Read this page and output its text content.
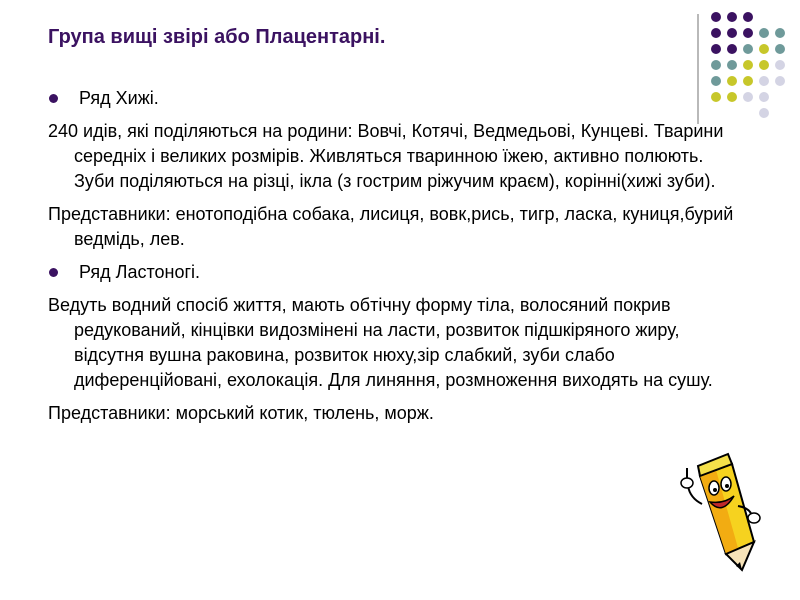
Група вищі звірі або Плацентарні.
Ряд Хижі.
240 идів, які поділяються на родини: Вовчі, Котячі, Ведмедьові, Кунцеві. Тварини середніх і великих розмірів. Живляться тваринною їжею, активно полюють. Зуби поділяються на різці, ікла (з гострим ріжучим краєм), корінні(хижі зуби).
Представники: енотоподібна собака, лисиця, вовк,рись, тигр, ласка, куниця,бурий ведмідь, лев.
Ряд Ластоногі.
Ведуть водний спосіб життя, мають обтічну форму тіла, волосяний покрив редукований, кінцівки видозмінені на ласти, розвиток підшкіряного жиру, відсутня вушна раковина, розвиток нюху,зір слабкий, зуби слабо диференційовані, ехолокація. Для линяння, розмноження виходять на сушу.
Представники: морський котик, тюлень, морж.
